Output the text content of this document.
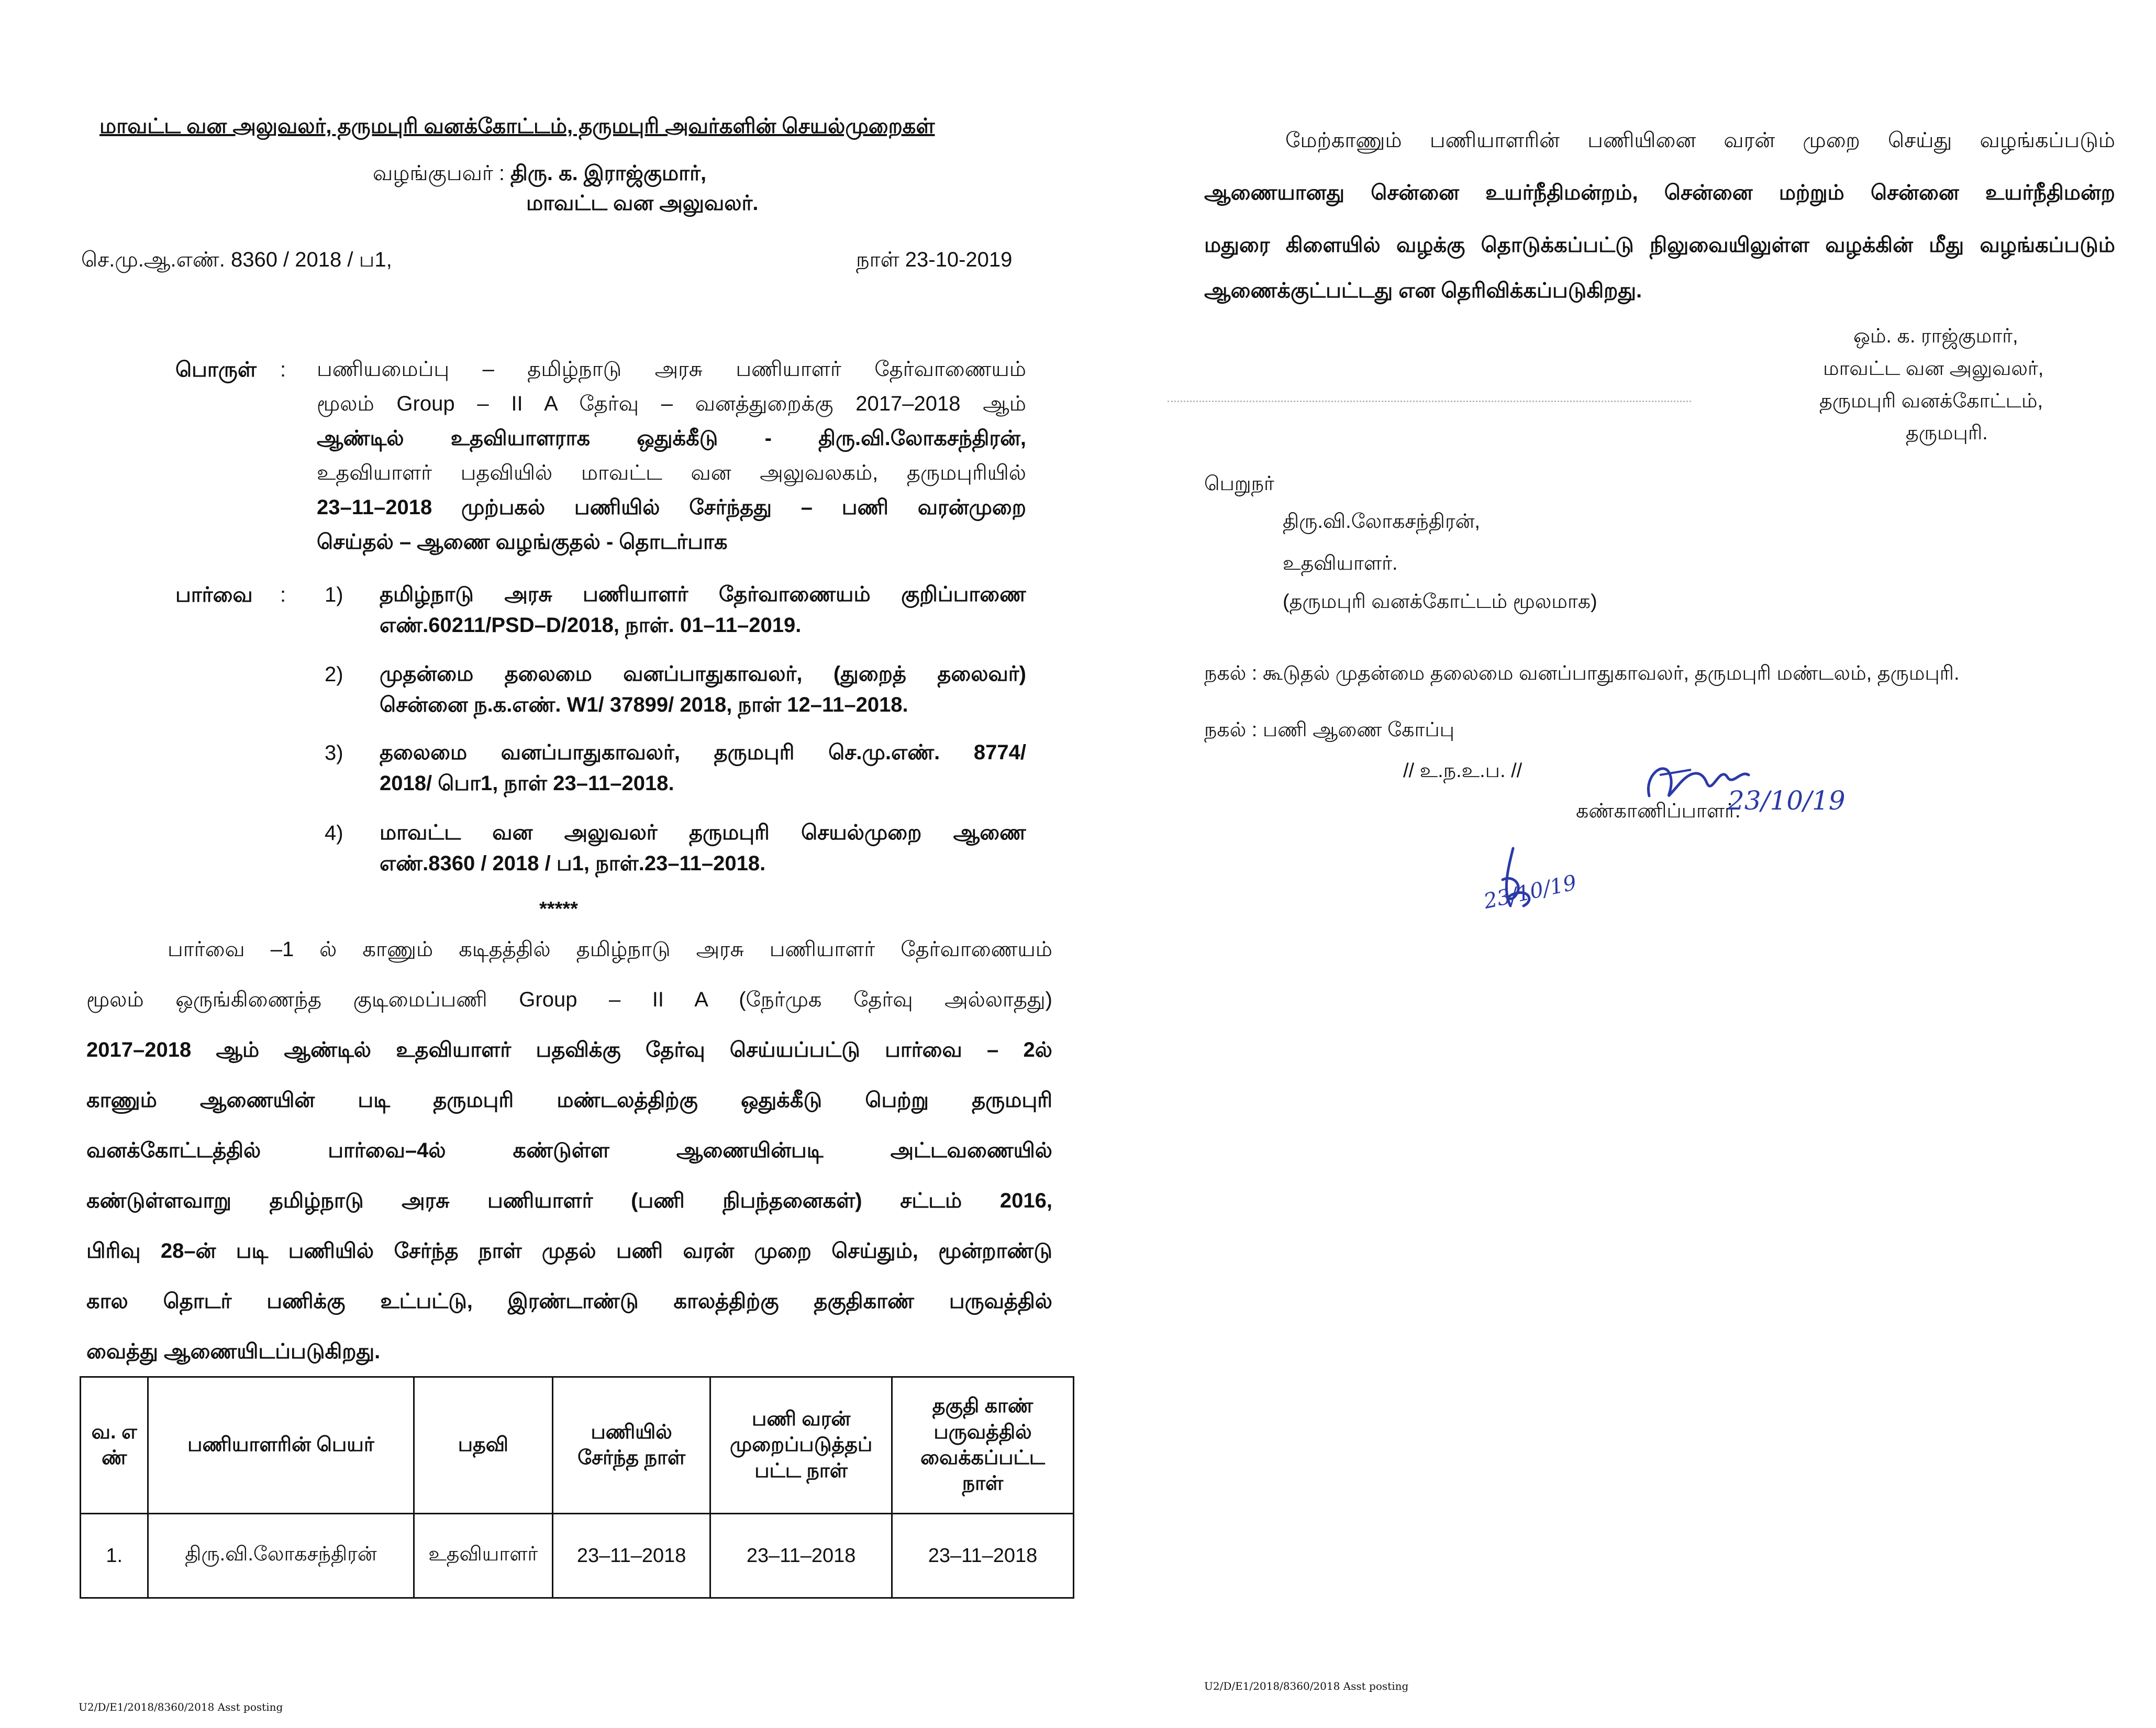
மாவட்ட வன அலுவலர், தருமபுரி வனக்கோட்டம், தருமபுரி அவர்களின் செயல்முறைகள்
வழங்குபவர் : திரு. க. இராஜ்குமார்,
மாவட்ட வன அலுவலர்.
செ.மு.ஆ.எண். 8360 / 2018 / ப1,	நாள் 23-10-2019
பொருள் : பணியமைப்பு – தமிழ்நாடு அரசு பணியாளர் தேர்வாணையம்
மூலம் Group – II A தேர்வு – வனத்துறைக்கு 2017–2018 ஆம்
ஆண்டில் உதவியாளராக ஒதுக்கீடு - திரு.வி.லோகசந்திரன்,
உதவியாளர் பதவியில் மாவட்ட வன அலுவலகம், தருமபுரியில்
23–11–2018 முற்பகல் பணியில் சேர்ந்தது – பணி வரன்முறை
செய்தல் – ஆணை வழங்குதல் - தொடர்பாக
பார்வை : 1) தமிழ்நாடு அரசு பணியாளர் தேர்வாணையம் குறிப்பாணை
எண்.60211/PSD–D/2018, நாள். 01–11–2019.
2) முதன்மை தலைமை வனப்பாதுகாவலர், (துறைத் தலைவர்)
சென்னை ந.க.எண். W1/ 37899/ 2018, நாள் 12–11–2018.
3) தலைமை வனப்பாதுகாவலர், தருமபுரி செ.மு.எண். 8774/
2018/ பொ1, நாள் 23–11–2018.
4) மாவட்ட வன அலுவலர் தருமபுரி செயல்முறை ஆணை
எண்.8360 / 2018 / ப1, நாள்.23–11–2018.
*****
பார்வை –1 ல் காணும் கடிதத்தில் தமிழ்நாடு அரசு பணியாளர் தேர்வாணையம்
மூலம் ஒருங்கிணைந்த குடிமைப்பணி Group – II A (நேர்முக தேர்வு அல்லாதது)
2017–2018 ஆம் ஆண்டில் உதவியாளர் பதவிக்கு தேர்வு செய்யப்பட்டு பார்வை – 2ல்
காணும் ஆணையின் படி தருமபுரி மண்டலத்திற்கு ஒதுக்கீடு பெற்று தருமபுரி
வனக்கோட்டத்தில் பார்வை–4ல் கண்டுள்ள ஆணையின்படி அட்டவணையில்
கண்டுள்ளவாறு தமிழ்நாடு அரசு பணியாளர் (பணி நிபந்தனைகள்) சட்டம் 2016,
பிரிவு 28–ன் படி பணியில் சேர்ந்த நாள் முதல் பணி வரன் முறை செய்தும், மூன்றாண்டு
கால தொடர் பணிக்கு உட்பட்டு, இரண்டாண்டு காலத்திற்கு தகுதிகாண் பருவத்தில்
வைத்து ஆணையிடப்படுகிறது.
வ. எ ண்	பணியாளரின் பெயர்	பதவி	பணியில் சேர்ந்த நாள்	பணி வரன் முறைப்படுத்தப் பட்ட நாள்	தகுதி காண் பருவத்தில் வைக்கப்பட்ட நாள்
1.	திரு.வி.லோகசந்திரன்	உதவியாளர்	23–11–2018	23–11–2018	23–11–2018
U2/D/E1/2018/8360/2018 Asst posting
மேற்காணும் பணியாளரின் பணியினை வரன் முறை செய்து வழங்கப்படும்
ஆணையானது சென்னை உயர்நீதிமன்றம், சென்னை மற்றும் சென்னை உயர்நீதிமன்ற
மதுரை கிளையில் வழக்கு தொடுக்கப்பட்டு நிலுவையிலுள்ள வழக்கின் மீது வழங்கப்படும்
ஆணைக்குட்பட்டது என தெரிவிக்கப்படுகிறது.
ஒம். க. ராஜ்குமார்,
மாவட்ட வன அலுவலர்,
தருமபுரி வனக்கோட்டம்,
தருமபுரி.
பெறுநர்
திரு.வி.லோகசந்திரன்,
உதவியாளர்.
(தருமபுரி வனக்கோட்டம் மூலமாக)
நகல் : கூடுதல் முதன்மை தலைமை வனப்பாதுகாவலர், தருமபுரி மண்டலம், தருமபுரி.
நகல் : பணி ஆணை கோப்பு
// உ.ந.உ.ப. //
கண்காணிப்பாளர்.
23/10/19
23/10/19
U2/D/E1/2018/8360/2018 Asst posting
